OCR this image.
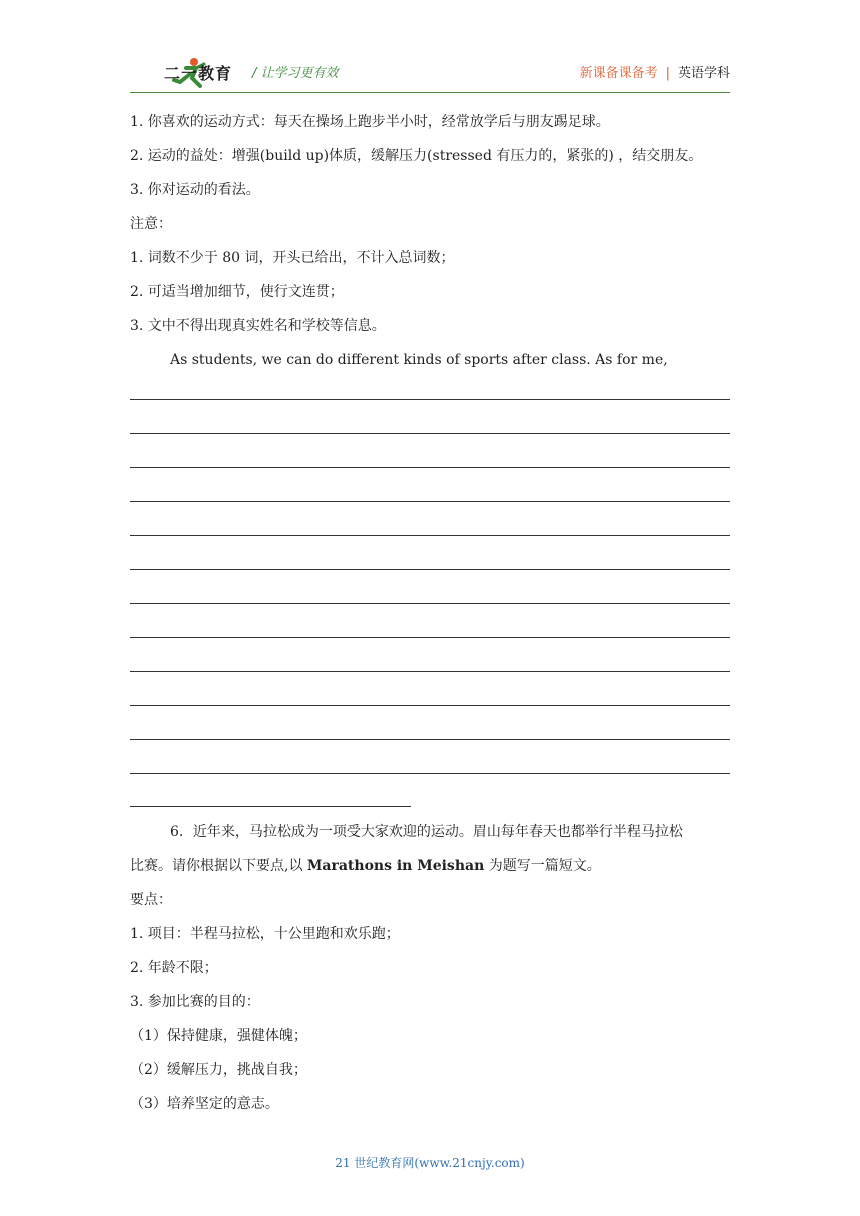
二一教育 / 让学习更有效	新课备课备考 | 英语学科
1. 你喜欢的运动方式：每天在操场上跑步半小时，经常放学后与朋友踢足球。
2. 运动的益处：增强(build up)体质，缓解压力(stressed 有压力的，紧张的) ，结交朋友。
3. 你对运动的看法。
注意：
1. 词数不少于 80 词，开头已给出，不计入总词数；
2. 可适当增加细节，使行文连贯；
3. 文中不得出现真实姓名和学校等信息。
As students, we can do different kinds of sports after class. As for me,
6．近年来，马拉松成为一项受大家欢迎的运动。眉山每年春天也都举行半程马拉松
比赛。请你根据以下要点,以 Marathons in Meishan 为题写一篇短文。
要点：
1. 项目：半程马拉松，十公里跑和欢乐跑；
2. 年龄不限；
3. 参加比赛的目的：
（1）保持健康，强健体魄；
（2）缓解压力，挑战自我；
（3）培养坚定的意志。
21 世纪教育网(www.21cnjy.com)
